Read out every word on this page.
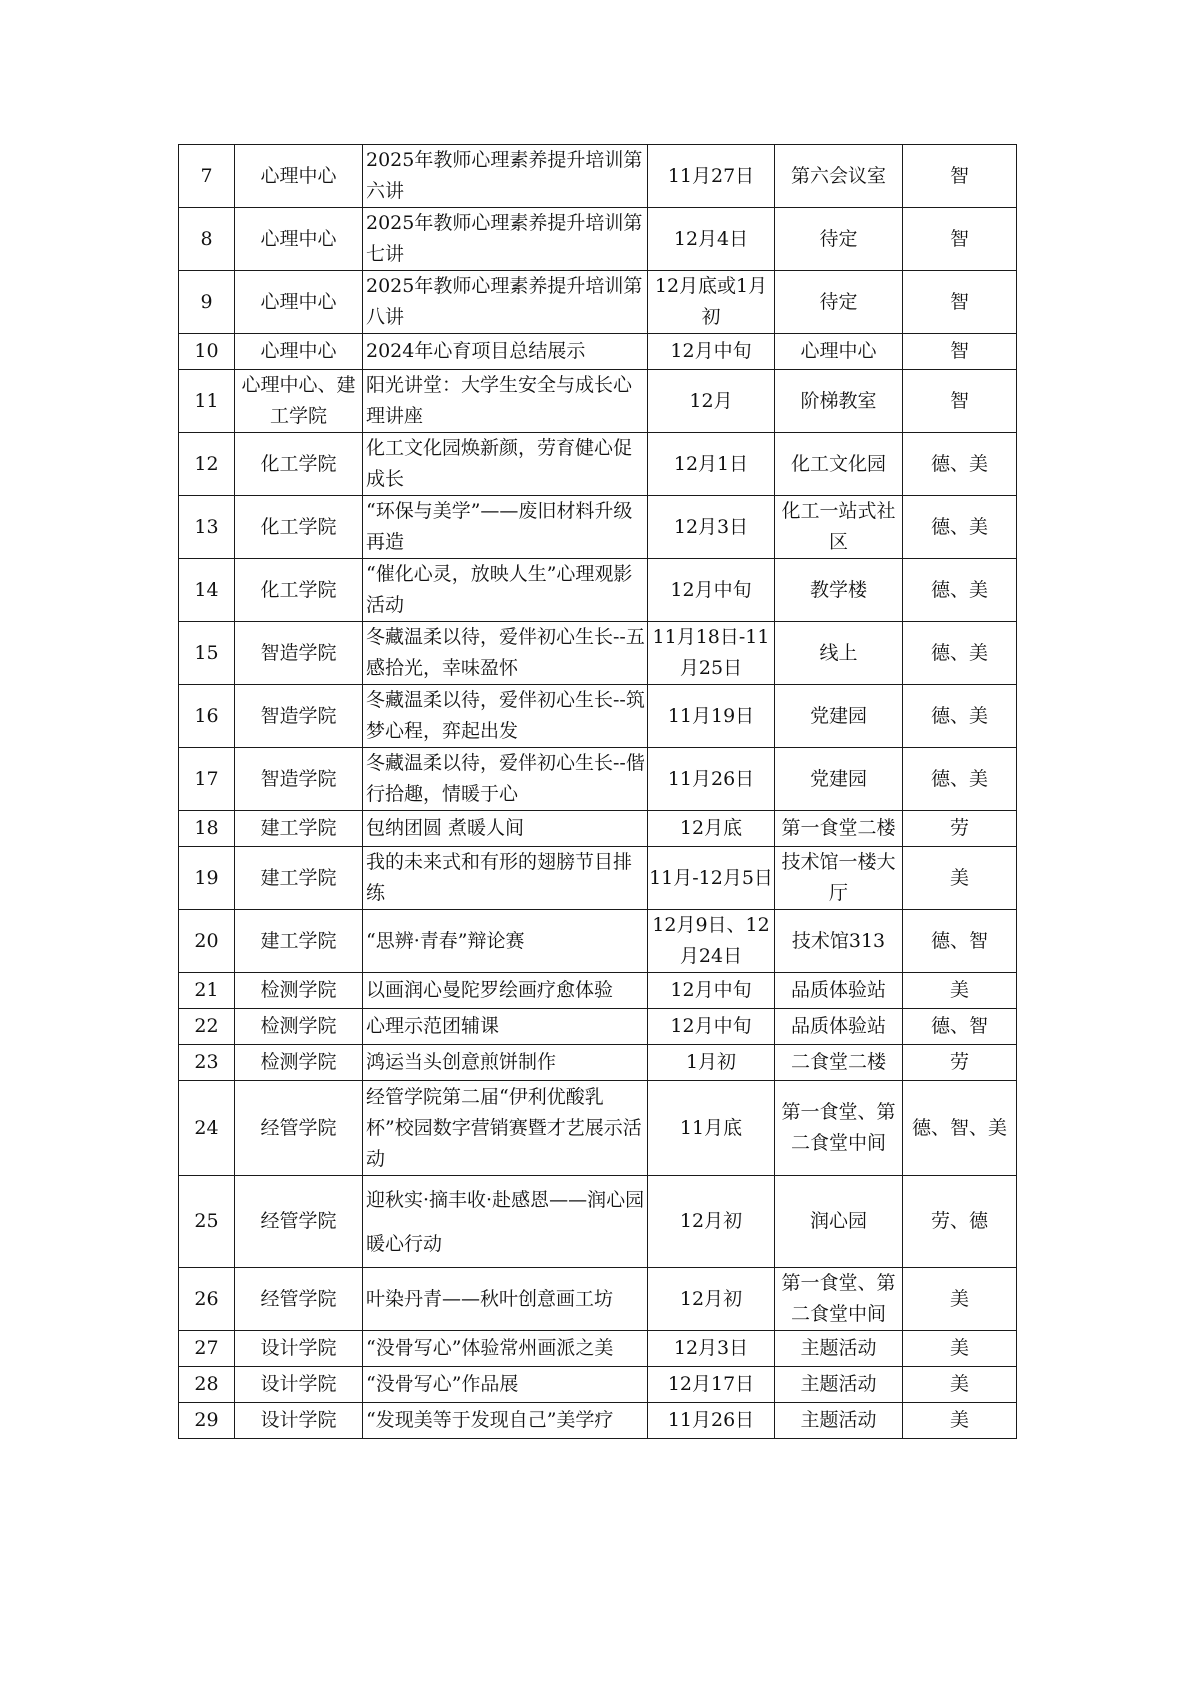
7	心理中心	2025年教师心理素养提升培训第六讲	11月27日	第六会议室	智
8	心理中心	2025年教师心理素养提升培训第七讲	12月4日	待定	智
9	心理中心	2025年教师心理素养提升培训第八讲	12月底或1月初	待定	智
10	心理中心	2024年心育项目总结展示	12月中旬	心理中心	智
11	心理中心、建工学院	阳光讲堂：大学生安全与成长心理讲座	12月	阶梯教室	智
12	化工学院	化工文化园焕新颜，劳育健心促成长	12月1日	化工文化园	德、美
13	化工学院	“环保与美学”——废旧材料升级再造	12月3日	化工一站式社区	德、美
14	化工学院	“催化心灵，放映人生”心理观影活动	12月中旬	教学楼	德、美
15	智造学院	冬藏温柔以待，爱伴初心生长--五感拾光，幸味盈怀	11月18日-11月25日	线上	德、美
16	智造学院	冬藏温柔以待，爱伴初心生长--筑梦心程，弈起出发	11月19日	党建园	德、美
17	智造学院	冬藏温柔以待，爱伴初心生长--偕行拾趣，情暖于心	11月26日	党建园	德、美
18	建工学院	包纳团圆 煮暖人间	12月底	第一食堂二楼	劳
19	建工学院	我的未来式和有形的翅膀节目排练	11月-12月5日	技术馆一楼大厅	美
20	建工学院	“思辨·青春”辩论赛	12月9日、12月24日	技术馆313	德、智
21	检测学院	以画润心曼陀罗绘画疗愈体验	12月中旬	品质体验站	美
22	检测学院	心理示范团辅课	12月中旬	品质体验站	德、智
23	检测学院	鸿运当头创意煎饼制作	1月初	二食堂二楼	劳
24	经管学院	经管学院第二届“伊利优酸乳杯”校园数字营销赛暨才艺展示活动	11月底	第一食堂、第二食堂中间	德、智、美
25	经管学院	迎秋实·摘丰收·赴感恩——润心园暖心行动	12月初	润心园	劳、德
26	经管学院	叶染丹青——秋叶创意画工坊	12月初	第一食堂、第二食堂中间	美
27	设计学院	“没骨写心”体验常州画派之美	12月3日	主题活动	美
28	设计学院	“没骨写心”作品展	12月17日	主题活动	美
29	设计学院	“发现美等于发现自己”美学疗	11月26日	主题活动	美
